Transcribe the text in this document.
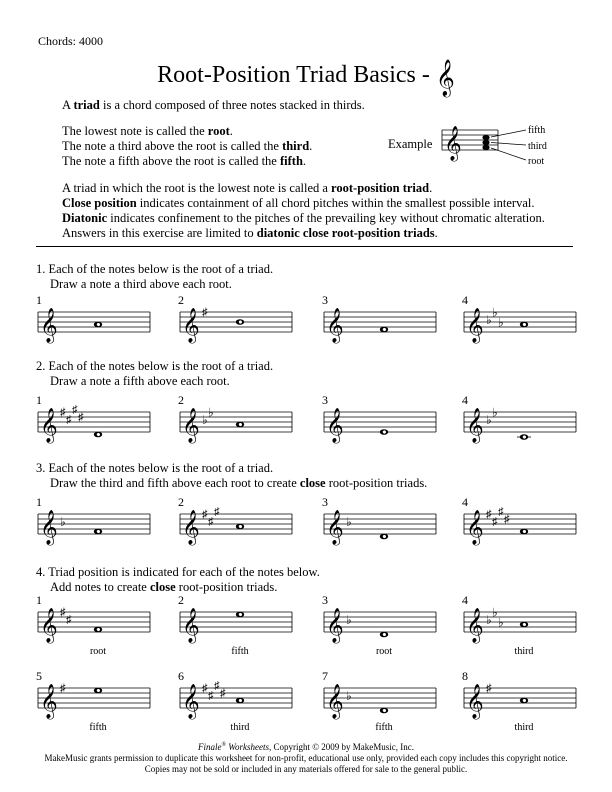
Chords: 4000
Root-Position Triad Basics - 𝄞
A triad is a chord composed of three notes stacked in thirds.
The lowest note is called the root.
The note a third above the root is called the third.
The note a fifth above the root is called the fifth.
Example 𝄞	fifth
third
root
A triad in which the root is the lowest note is called a root-position triad.
Close position indicates containment of all chord pitches within the smallest possible interval.
Diatonic indicates confinement to the pitches of the prevailing key without chromatic alteration.
Answers in this exercise are limited to diatonic close root-position triads.
1. Each of the notes below is the root of a triad.
Draw a note a third above each root.
2. Each of the notes below is the root of a triad.
Draw a note a fifth above each root.
3. Each of the notes below is the root of a triad.
Draw the third and fifth above each root to create close root-position triads.
4. Triad position is indicated for each of the notes below.
Add notes to create close root-position triads.
1
𝄞
2
𝄞 ♯
3
𝄞
4
𝄞 ♭
♭
♭
1
𝄞 ♯
♯
♯
♯
2
𝄞 ♭
♭
3
𝄞
4
𝄞 ♭
♭
1
𝄞 ♭
2
𝄞 ♯
♯
♯
3
𝄞 ♭
4
𝄞 ♯
♯
♯
♯
1
𝄞 ♯
♯
root
2
𝄞
fifth
3
𝄞 ♭
root
4
𝄞 ♭
♭
♭
third
5
𝄞 ♯
fifth
6
𝄞 ♯
♯
♯
♯
third
7
𝄞 ♭
fifth
8
𝄞 ♯
third
Finale® Worksheets, Copyright © 2009 by MakeMusic, Inc.
MakeMusic grants permission to duplicate this worksheet for non-profit, educational use only, provided each copy includes this copyright notice.
Copies may not be sold or included in any materials offered for sale to the general public.
